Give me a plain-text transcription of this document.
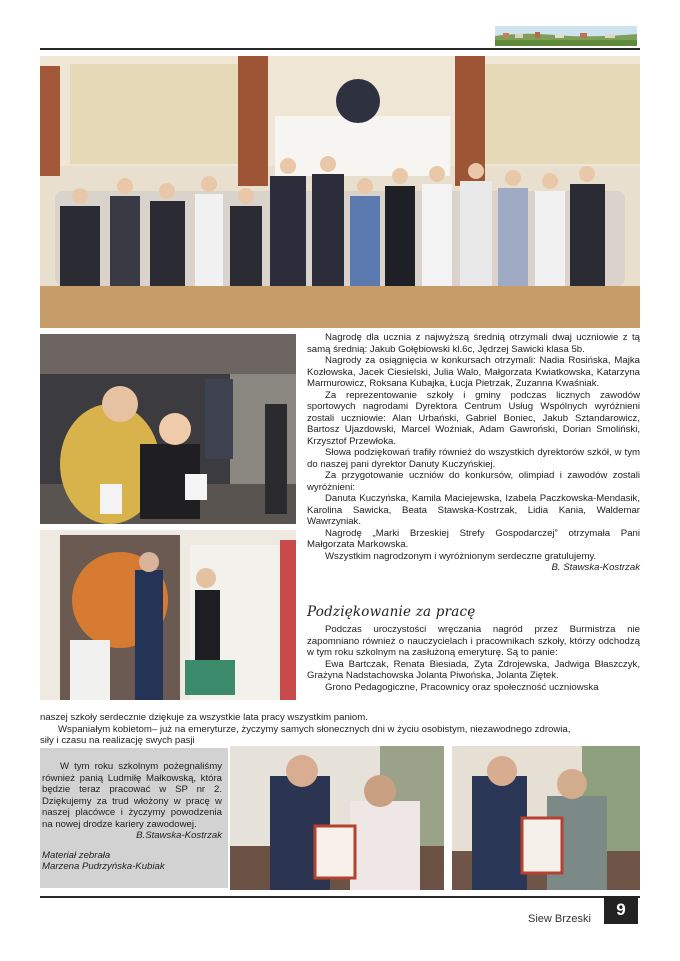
Nagrodę dla ucznia z najwyższą średnią otrzymali dwaj uczniowie z tą samą średnią: Jakub Gołębiowski kl.6c, Jędrzej Sawicki klasa 5b.

Nagrody za osiągnięcia w konkursach otrzymali: Nadia Rosińska, Majka Kozłowska, Jacek Ciesielski, Julia Walo, Małgorzata Kwiatkowska, Katarzyna Marmurowicz, Roksana Kubajka, Łucja Pietrzak, Zuzanna Kwaśniak.

Za reprezentowanie szkoły i gminy podczas licznych zawodów sportowych nagrodami Dyrektora Centrum Usług Wspólnych wyróżnieni zostali uczniowie: Alan Urbański, Gabriel Boniec, Jakub Sztandarowicz, Bartosz Ujazdowski, Marcel Woźniak, Adam Gawroński, Dorian Smoliński, Krzysztof Przewłoka.

Słowa podziękowań trafiły również do wszystkich dyrektorów szkół, w tym do naszej pani dyrektor Danuty Kuczyńskiej.

Za przygotowanie uczniów do konkursów, olimpiad i zawodów zostali wyróżnieni:

Danuta Kuczyńska, Kamila Maciejewska, Izabela Paczkowska-Mendasik, Karolina Sawicka, Beata Stawska-Kostrzak, Lidia Kania, Waldemar Wawrzyniak.

Nagrodę „Marki Brzeskiej Strefy Gospodarczej” otrzymała Pani Małgorzata Markowska.

Wszystkim nagrodzonym i wyróżnionym serdeczne gratulujemy.

B. Stawska-Kostrzak

Podziękowanie za pracę

Podczas uroczystości wręczania nagród przez Burmistrza nie zapomniano również o nauczycielach i pracownikach szkoły, którzy odchodzą w tym roku szkolnym na zasłużoną emeryturę. Są to panie:

Ewa Bartczak, Renata Biesiada, Zyta Zdrojewska, Jadwiga Błaszczyk, Grażyna Nadstachowska Jolanta Piwońska, Jolanta Ziętek.

Grono Pedagogiczne, Pracownicy oraz społeczność uczniowska

naszej szkoły serdecznie dziękuje za wszystkie lata pracy wszystkim paniom.

Wspaniałym kobietom– już na emeryturze, życzymy samych słonecznych dni w życiu osobistym, niezawodnego zdrowia,

siły i czasu na realizację swych pasji

W tym roku szkolnym pożegnaliśmy również panią Ludmiłę Małkowską, która będzie teraz pracować w SP nr 2. Dziękujemy za trud włożony w pracę w naszej placówce i życzymy powodzenia na nowej drodze kariery zawodowej.

B.Stawska-Kostrzak

Materiał zebrała

Marzena Pudrzyńska-Kubiak

Siew Brzeski	9
